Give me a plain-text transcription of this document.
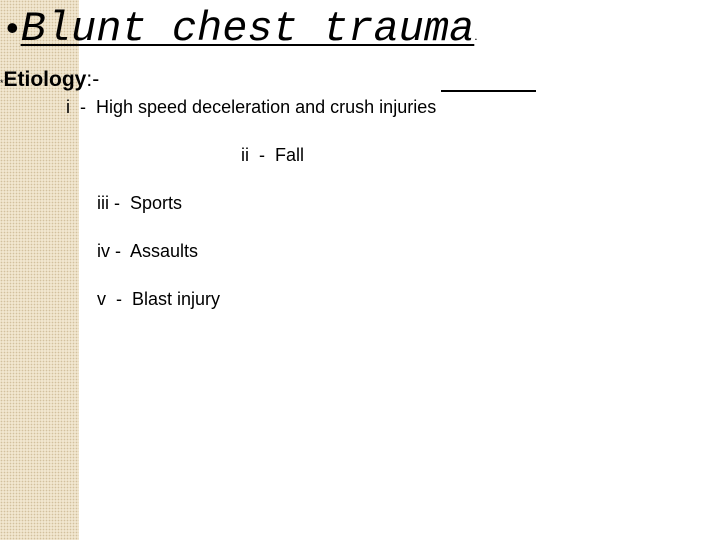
•Blunt chest trauma.
*Etiology:-
i  -  High speed deceleration and crush injuries
ii  -  Fall
iii -  Sports
iv -  Assaults
v  -  Blast injury
